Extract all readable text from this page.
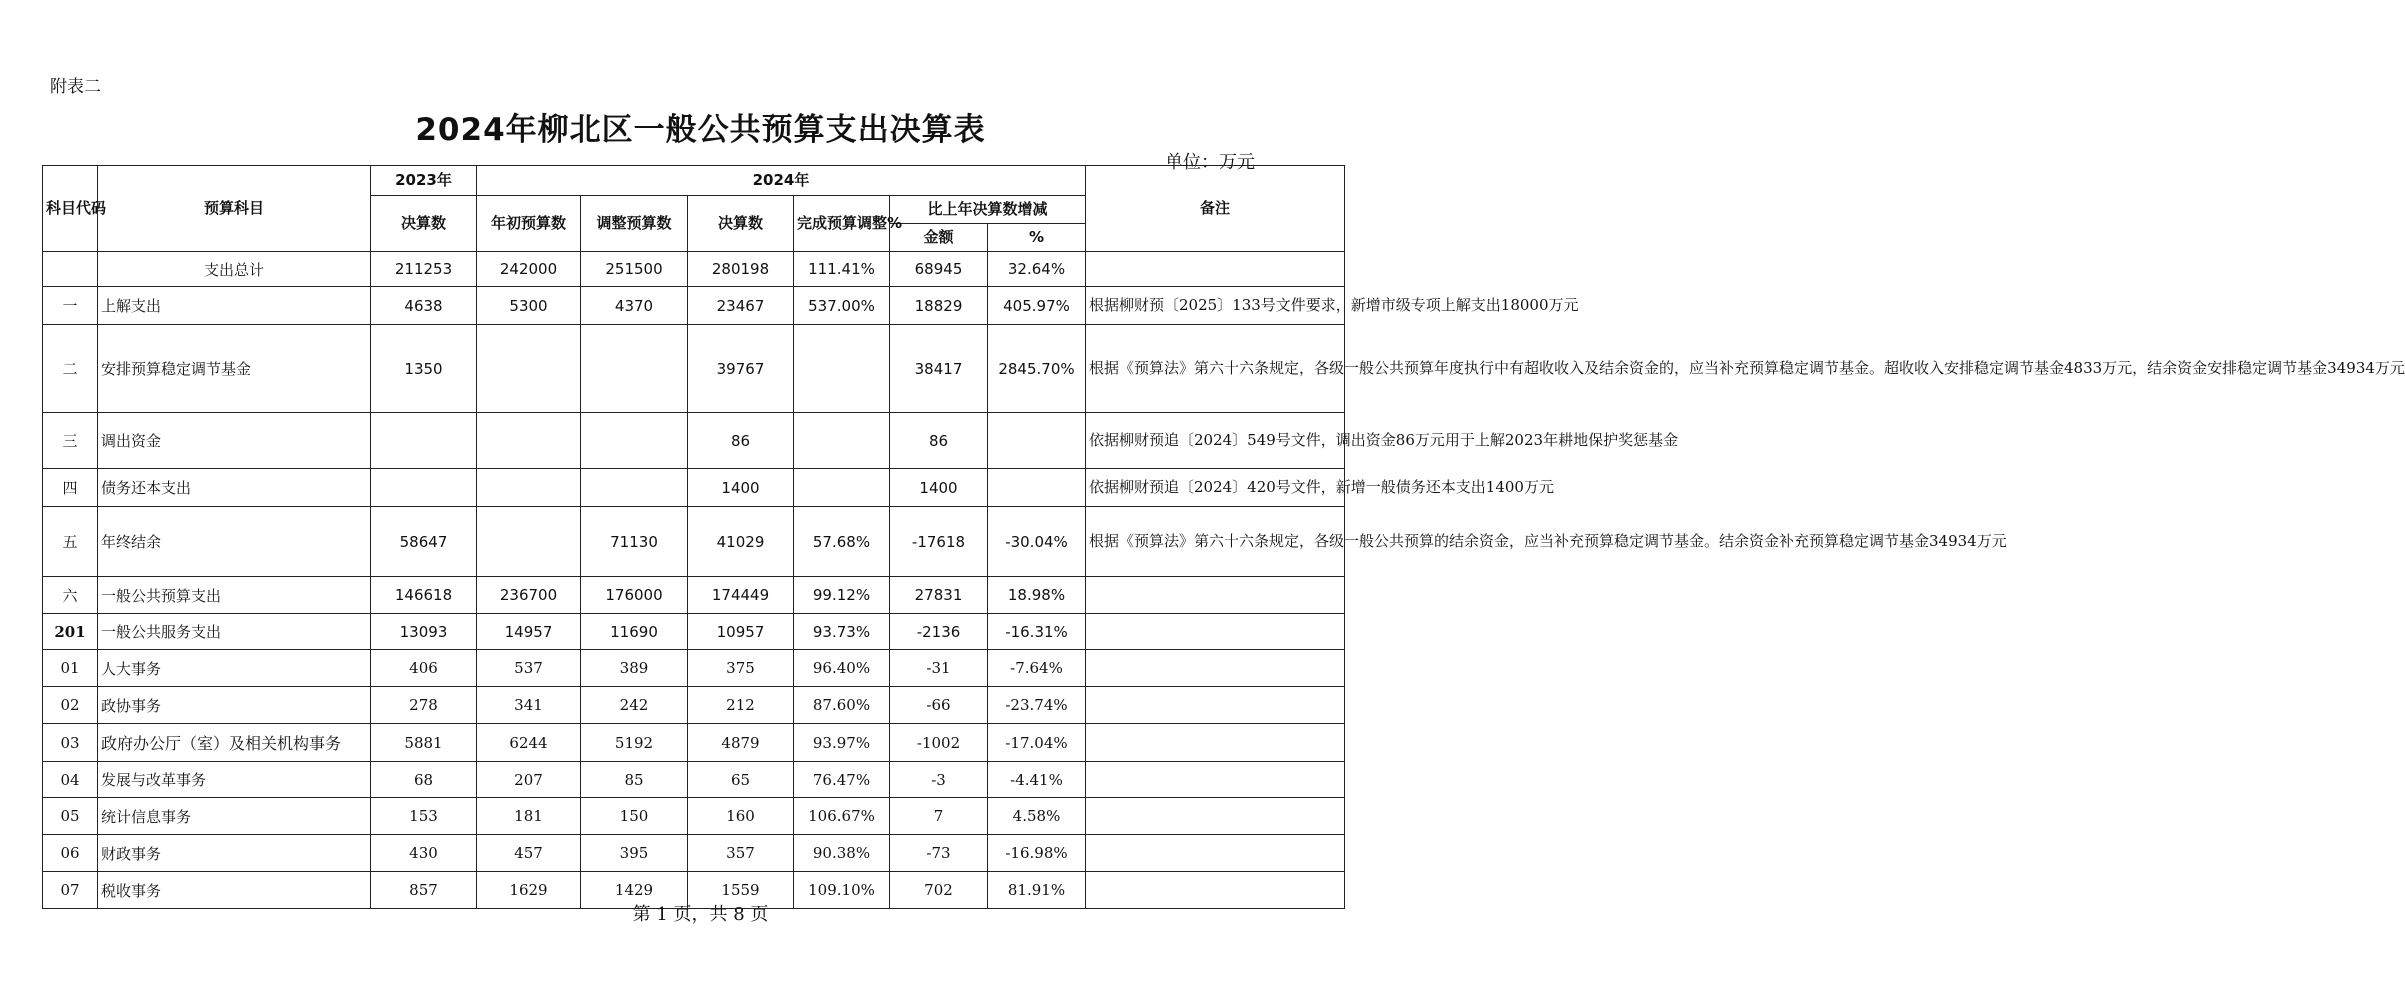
附表二
2024年柳北区一般公共预算支出决算表
单位：万元
科目代码	预算科目	2023年	2024年						备注
		决算数	年初预算数	调整预算数	决算数	完成预算调整%	比上年决算数增减		
							金额	%	
	支出总计	211253	242000	251500	280198	111.41%	68945	32.64%	
一	上解支出	4638	5300	4370	23467	537.00%	18829	405.97%	根据柳财预〔2025〕133号文件要求，新增市级专项上解支出18000万元
二	安排预算稳定调节基金	1350			39767		38417	2845.70%	根据《预算法》第六十六条规定，各级一般公共预算年度执行中有超收收入及结余资金的，应当补充预算稳定调节基金。超收收入安排稳定调节基金4833万元，结余资金安排稳定调节基金34934万元
三	调出资金				86		86		依据柳财预追〔2024〕549号文件，调出资金86万元用于上解2023年耕地保护奖惩基金
四	债务还本支出				1400		1400		依据柳财预追〔2024〕420号文件，新增一般债务还本支出1400万元
五	年终结余	58647		71130	41029	57.68%	-17618	-30.04%	根据《预算法》第六十六条规定，各级一般公共预算的结余资金，应当补充预算稳定调节基金。结余资金补充预算稳定调节基金34934万元
六	一般公共预算支出	146618	236700	176000	174449	99.12%	27831	18.98%	
201	一般公共服务支出	13093	14957	11690	10957	93.73%	-2136	-16.31%	
01	人大事务	406	537	389	375	96.40%	-31	-7.64%	
02	政协事务	278	341	242	212	87.60%	-66	-23.74%	
03	政府办公厅（室）及相关机构事务	5881	6244	5192	4879	93.97%	-1002	-17.04%	
04	发展与改革事务	68	207	85	65	76.47%	-3	-4.41%	
05	统计信息事务	153	181	150	160	106.67%	7	4.58%	
06	财政事务	430	457	395	357	90.38%	-73	-16.98%	
07	税收事务	857	1629	1429	1559	109.10%	702	81.91%	
第 1 页，共 8 页
